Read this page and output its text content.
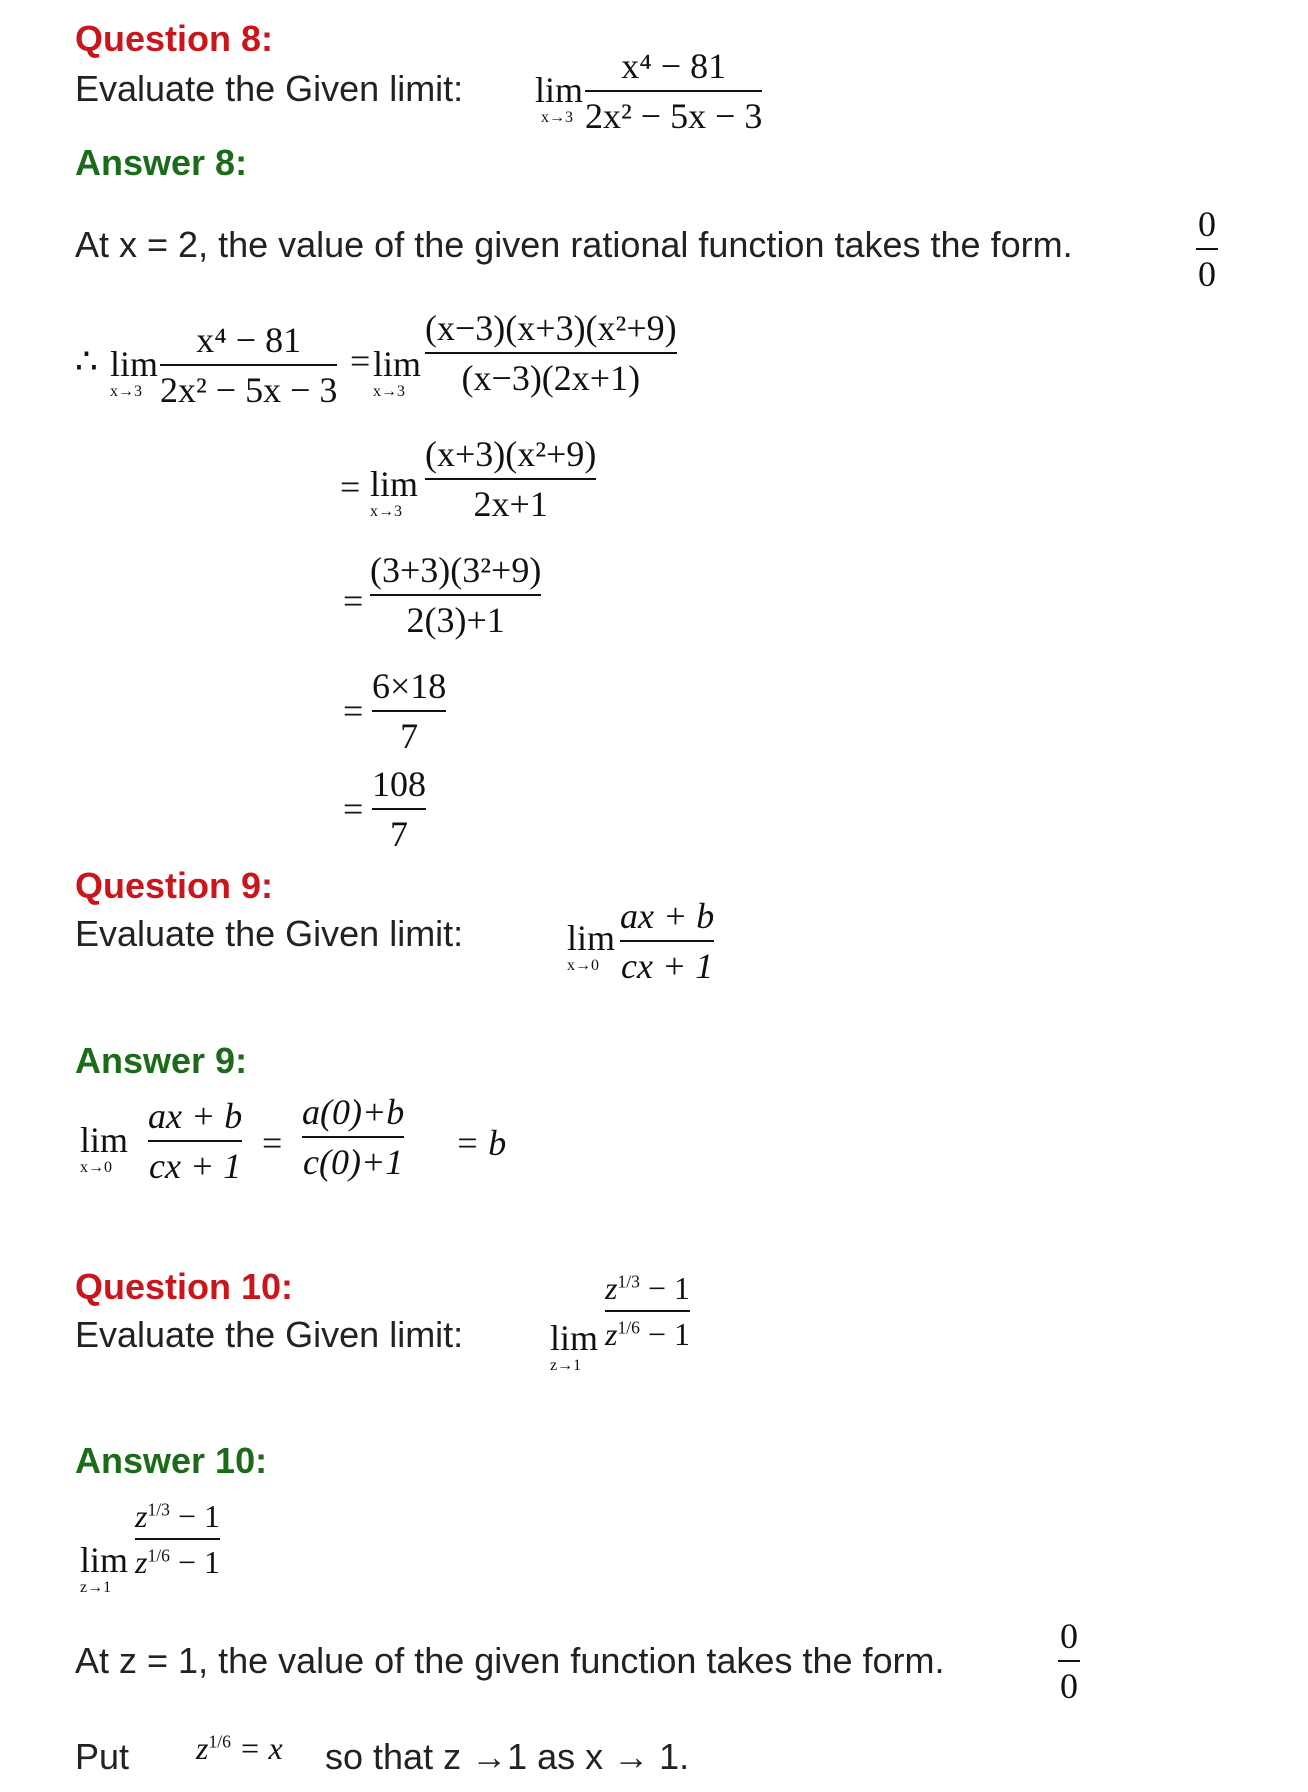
Question 8:
Evaluate the Given limit: lim
x→3
x⁴ − 81
2x² − 5x − 3
Answer 8:
At x = 2, the value of the given rational function takes the form.	0
0
∴ lim
x→3
x⁴ − 81
2x² − 5x − 3
= lim
x→3
(x−3)(x+3)(x²+9)
(x−3)(2x+1)
= lim
x→3
(x+3)(x²+9)
2x+1
=
(3+3)(3²+9)
2(3)+1
=
6×18
7
=
108
7
Question 9:
Evaluate the Given limit:	lim
x→0
ax + b
cx + 1
Answer 9:
lim
x→0
ax + b
cx + 1
=
a(0)+b
c(0)+1 = b
Question 10:
Evaluate the Given limit: lim
z→1
$z^{1/3} - 1$
$z^{1/6} - 1$
Answer 10:
lim
z→1
$z^{1/3} - 1$
$z^{1/6} - 1$
At z = 1, the value of the given function takes the form.
0
0
Put $z^{1/6} = x$ so that z →1 as x → 1.
